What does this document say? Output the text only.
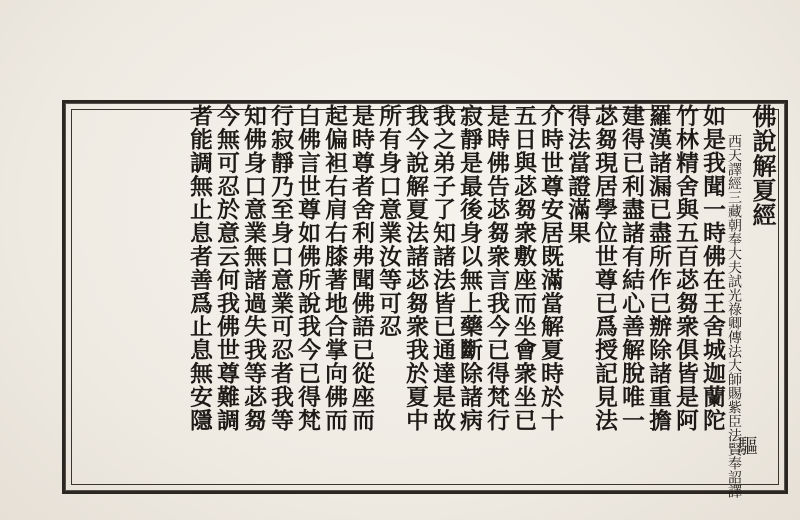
佛說解夏經
西天譯經三藏朝奉大夫試光祿卿傳法大師賜紫臣法賢奉詔譯
如是我聞一時佛在王舍城迦蘭陀
竹林精舍與五百苾芻衆俱皆是阿
羅漢諸漏已盡所作已辦除諸重擔
建得已利盡諸有結心善解脫唯一
苾芻現居學位世尊已爲授記見法
得法當證滿果
介時世尊安居既滿當解夏時於十
五日與苾芻衆敷座而坐會衆坐已
是時佛告苾芻衆言我今已得梵行
寂靜是最後身以無上藥斷除諸病
我之弟子了知諸法皆已通達是故
我今說解夏法諸苾芻衆我於夏中
所有身口意業汝等可忍
是時尊者舍利弗聞佛語已從座而
起偏袒右肩右膝著地合掌向佛而
白佛言世尊如佛所說我今已得梵
行寂靜乃至身口意業可忍者我等
知佛身口意業無諸過失我等苾芻
今無可忍於意云何我佛世尊難調
者能調無止息者善爲止息無安隱
驅
